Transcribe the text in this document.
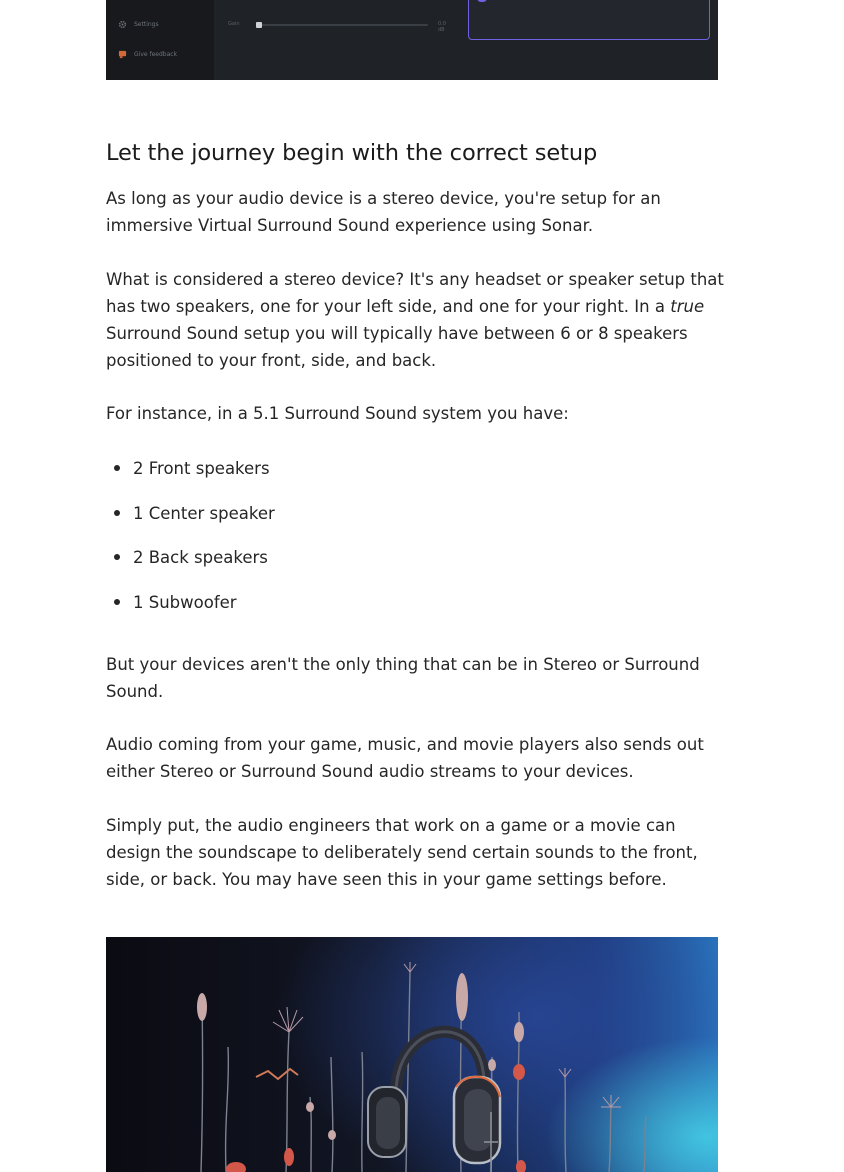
Settings
Give feedback
Gain	0.0 dB
Let the journey begin with the correct setup

As long as your audio device is a stereo device, you're setup for an immersive Virtual Surround Sound experience using Sonar.

What is considered a stereo device? It's any headset or speaker setup that has two speakers, one for your left side, and one for your right. In a true Surround Sound setup you will typically have between 6 or 8 speakers positioned to your front, side, and back.

For instance, in a 5.1 Surround Sound system you have:

2 Front speakers
1 Center speaker
2 Back speakers
1 Subwoofer

But your devices aren't the only thing that can be in Stereo or Surround Sound.

Audio coming from your game, music, and movie players also sends out either Stereo or Surround Sound audio streams to your devices.

Simply put, the audio engineers that work on a game or a movie can design the soundscape to deliberately send certain sounds to the front, side, or back. You may have seen this in your game settings before.
